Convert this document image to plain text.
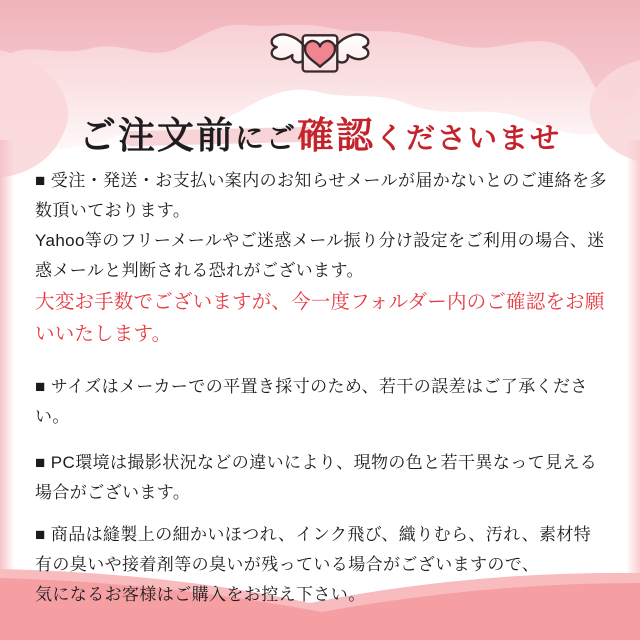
ご注文前にご確認くださいませ

■ 受注・発送・お支払い案内のお知らせメールが届かないとのご連絡を多数頂いております。
Yahoo等のフリーメールやご迷惑メール振り分け設定をご利用の場合、迷惑メールと判断される恐れがございます。
大変お手数でございますが、今一度フォルダー内のご確認をお願いいたします。

■ サイズはメーカーでの平置き採寸のため、若干の誤差はご了承ください。

■ PC環境は撮影状況などの違いにより、現物の色と若干異なって見える場合がございます。

■ 商品は縫製上の細かいほつれ、インク飛び、織りむら、汚れ、素材特有の臭いや接着剤等の臭いが残っている場合がございますので、
気になるお客様はご購入をお控え下さい。
